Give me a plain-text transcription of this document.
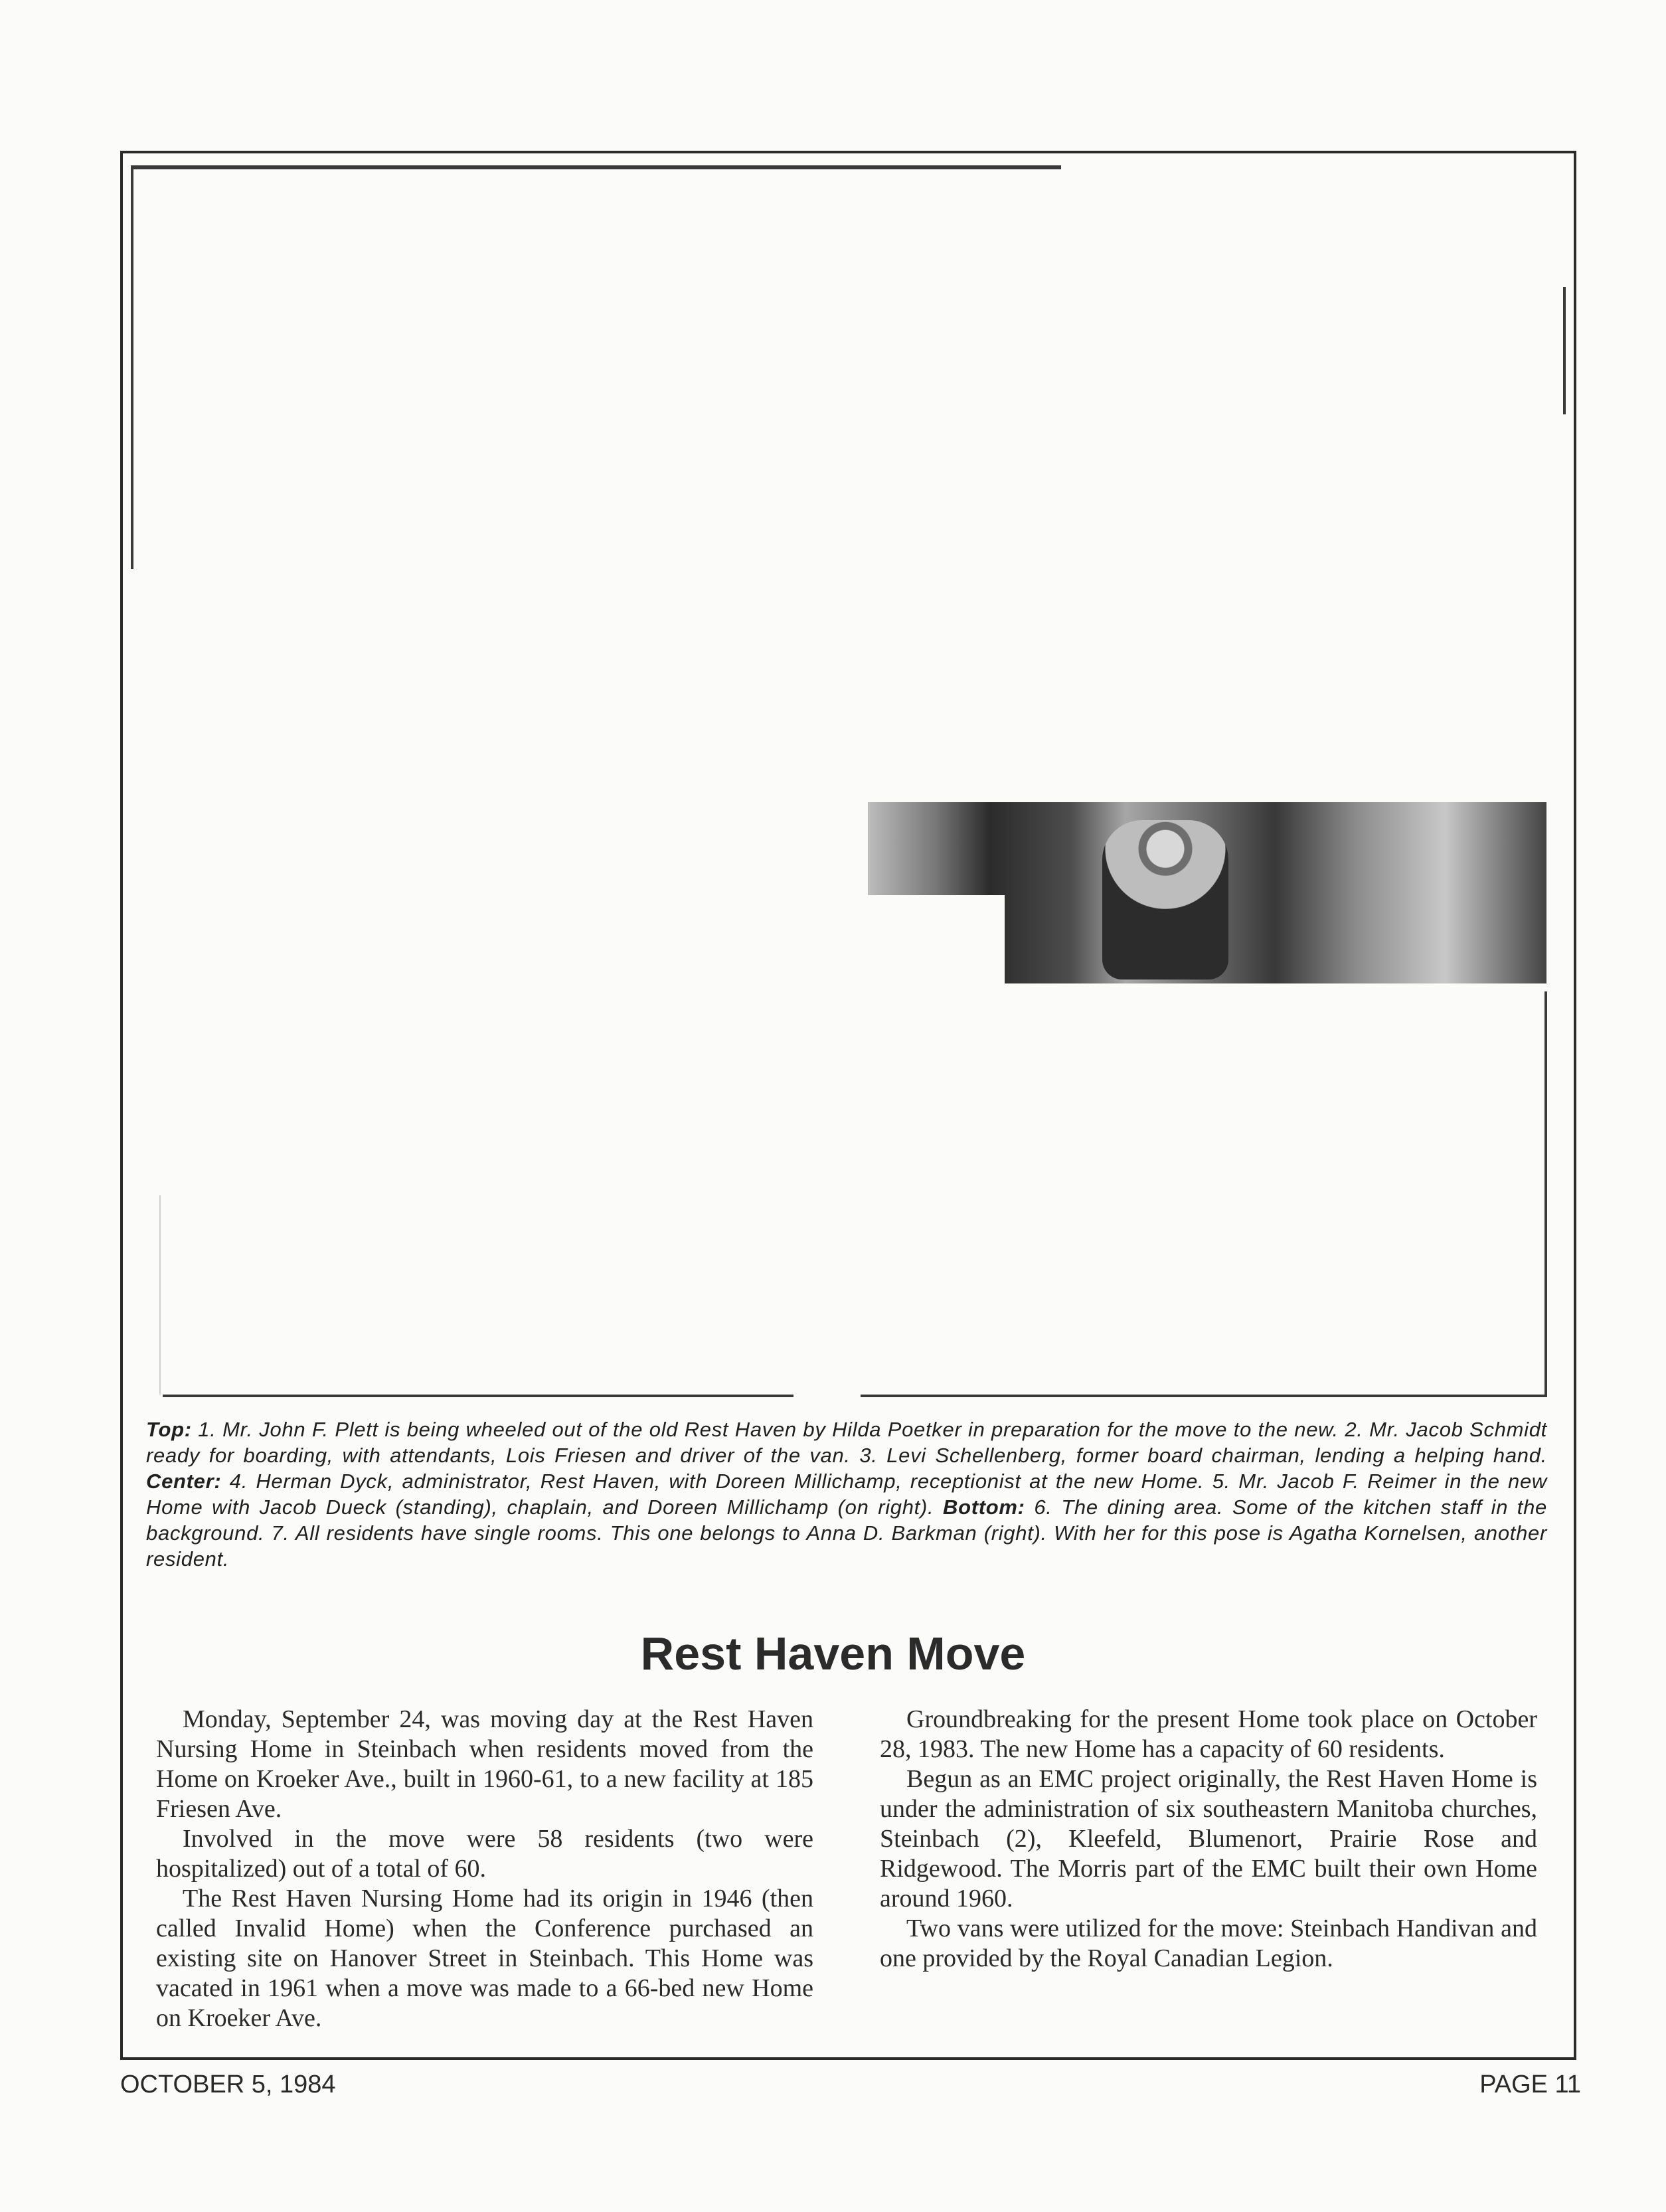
Top: 1. Mr. John F. Plett is being wheeled out of the old Rest Haven by Hilda Poetker in preparation for the move to the new. 2. Mr. Jacob Schmidt ready for boarding, with attendants, Lois Friesen and driver of the van. 3. Levi Schellenberg, former board chairman, lending a helping hand. Center: 4. Herman Dyck, administrator, Rest Haven, with Doreen Millichamp, receptionist at the new Home. 5. Mr. Jacob F. Reimer in the new Home with Jacob Dueck (standing), chaplain, and Doreen Millichamp (on right). Bottom: 6. The dining area. Some of the kitchen staff in the background. 7. All residents have single rooms. This one belongs to Anna D. Barkman (right). With her for this pose is Agatha Kornelsen, another resident.
Rest Haven Move

Monday, September 24, was moving day at the Rest Haven Nursing Home in Steinbach when residents moved from the Home on Kroeker Ave., built in 1960-61, to a new facility at 185 Friesen Ave.

Involved in the move were 58 residents (two were hospitalized) out of a total of 60.

The Rest Haven Nursing Home had its origin in 1946 (then called Invalid Home) when the Conference purchased an existing site on Hanover Street in Steinbach. This Home was vacated in 1961 when a move was made to a 66-bed new Home on Kroeker Ave.

Groundbreaking for the present Home took place on October 28, 1983. The new Home has a capacity of 60 residents.

Begun as an EMC project originally, the Rest Haven Home is under the administration of six southeastern Manitoba churches, Steinbach (2), Kleefeld, Blumenort, Prairie Rose and Ridgewood. The Morris part of the EMC built their own Home around 1960.

Two vans were utilized for the move: Steinbach Handivan and one provided by the Royal Canadian Legion.

OCTOBER 5, 1984	PAGE 11
